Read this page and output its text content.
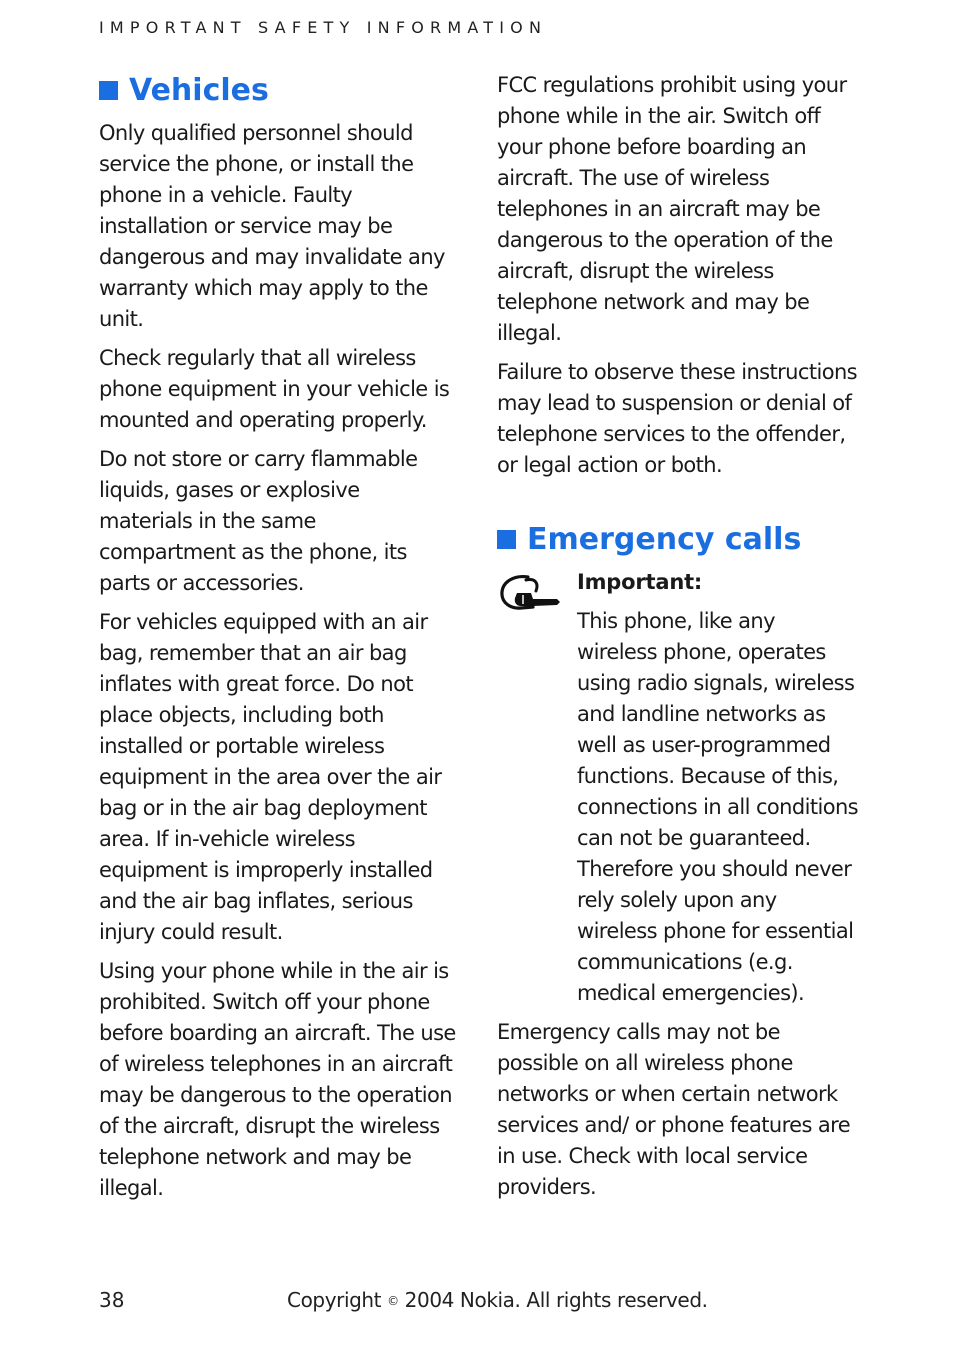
IMPORTANT SAFETY INFORMATION
Vehicles

Only qualified personnel should service the phone, or install the phone in a vehicle. Faulty installation or service may be dangerous and may invalidate any warranty which may apply to the unit.

Check regularly that all wireless phone equipment in your vehicle is mounted and operating properly.

Do not store or carry flammable liquids, gases or explosive materials in the same compartment as the phone, its parts or accessories.

For vehicles equipped with an air bag, remember that an air bag inflates with great force. Do not place objects, including both installed or portable wireless equipment in the area over the air bag or in the air bag deployment area. If in-vehicle wireless equipment is improperly installed and the air bag inflates, serious injury could result.

Using your phone while in the air is prohibited. Switch off your phone before boarding an aircraft. The use of wireless telephones in an aircraft may be dangerous to the operation of the aircraft, disrupt the wireless telephone network and may be illegal.

FCC regulations prohibit using your phone while in the air. Switch off your phone before boarding an aircraft. The use of wireless telephones in an aircraft may be dangerous to the operation of the aircraft, disrupt the wireless telephone network and may be illegal.

Failure to observe these instructions may lead to suspension or denial of telephone services to the offender, or legal action or both.

Emergency calls

Important:

This phone, like any wireless phone, operates using radio signals, wireless and landline networks as well as user-programmed functions. Because of this, connections in all conditions can not be guaranteed. Therefore you should never rely solely upon any wireless phone for essential communications (e.g. medical emergencies).

Emergency calls may not be possible on all wireless phone networks or when certain network services and/ or phone features are in use. Check with local service providers.

38	Copyright © 2004 Nokia. All rights reserved.
